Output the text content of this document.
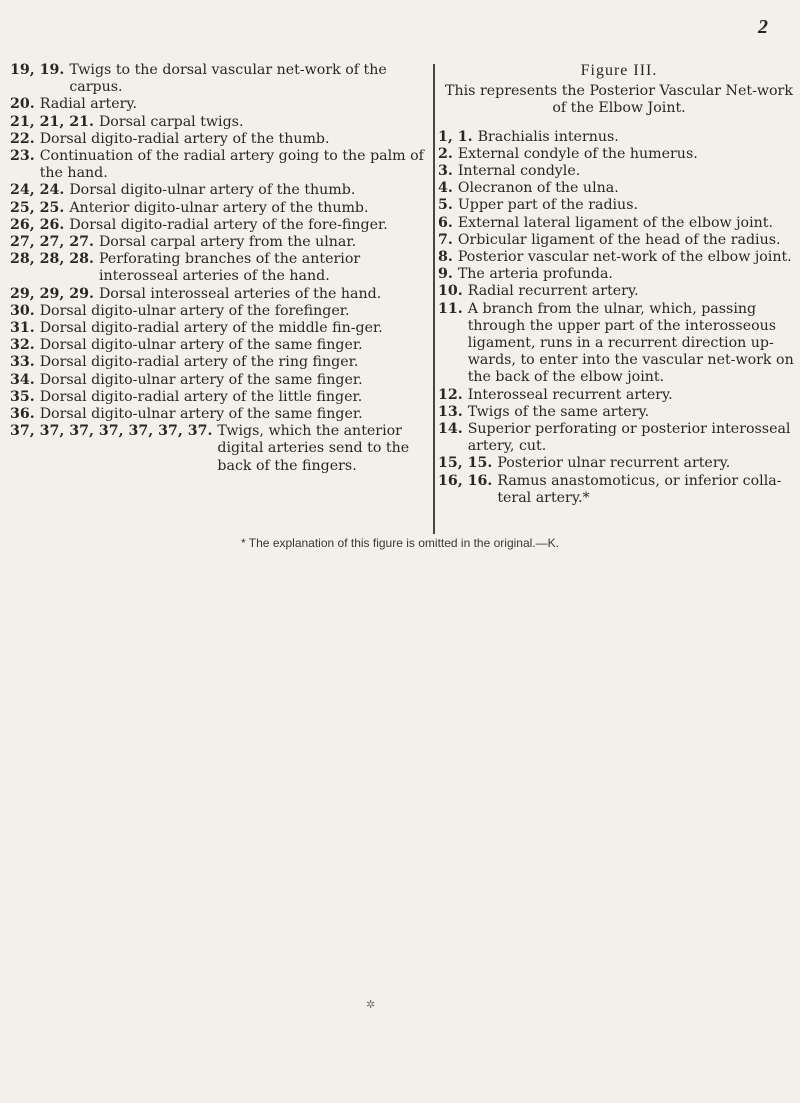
2

19, 19. Twigs to the dorsal vascular net-work of the carpus.

20. Radial artery.

21, 21, 21. Dorsal carpal twigs.

22. Dorsal digito-radial artery of the thumb.

23. Continuation of the radial artery going to the palm of the hand.

24, 24. Dorsal digito-ulnar artery of the thumb.

25, 25. Anterior digito-ulnar artery of the thumb.

26, 26. Dorsal digito-radial artery of the fore-finger.

27, 27, 27. Dorsal carpal artery from the ulnar.

28, 28, 28. Perforating branches of the anterior interosseal arteries of the hand.

29, 29, 29. Dorsal interosseal arteries of the hand.

30. Dorsal digito-ulnar artery of the forefinger.

31. Dorsal digito-radial artery of the middle fin-ger.

32. Dorsal digito-ulnar artery of the same finger.

33. Dorsal digito-radial artery of the ring finger.

34. Dorsal digito-ulnar artery of the same finger.

35. Dorsal digito-radial artery of the little finger.

36. Dorsal digito-ulnar artery of the same finger.

37, 37, 37, 37, 37, 37, 37. Twigs, which the anterior digital arteries send to the back of the fingers.

Figure III.

This represents the Posterior Vascular Net-work of the Elbow Joint.

1, 1. Brachialis internus.

2. External condyle of the humerus.

3. Internal condyle.

4. Olecranon of the ulna.

5. Upper part of the radius.

6. External lateral ligament of the elbow joint.

7. Orbicular ligament of the head of the radius.

8. Posterior vascular net-work of the elbow joint.

9. The arteria profunda.

10. Radial recurrent artery.

11. A branch from the ulnar, which, passing through the upper part of the interosseous ligament, runs in a recurrent direction up-wards, to enter into the vascular net-work on the back of the elbow joint.

12. Interosseal recurrent artery.

13. Twigs of the same artery.

14. Superior perforating or posterior interosseal artery, cut.

15, 15. Posterior ulnar recurrent artery.

16, 16. Ramus anastomoticus, or inferior colla-teral artery.*

* The explanation of this figure is omitted in the original.—K.
✲
